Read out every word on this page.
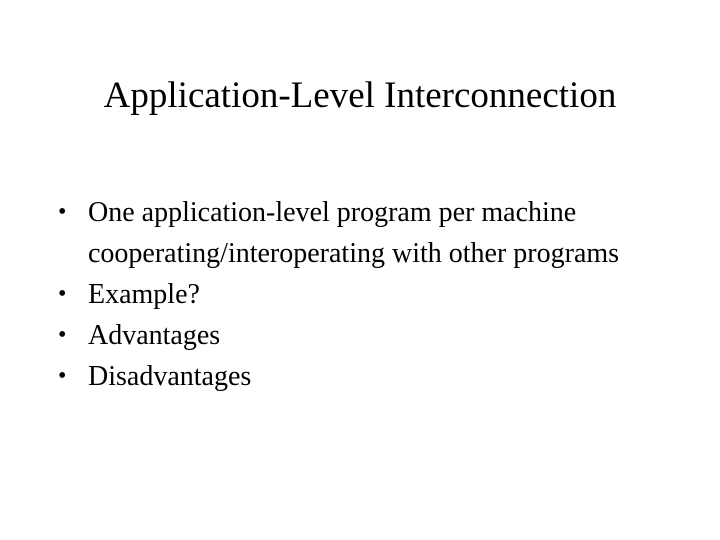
Application-Level Interconnection
• One application-level program per machine cooperating/interoperating with other programs
• Example?
• Advantages
• Disadvantages
